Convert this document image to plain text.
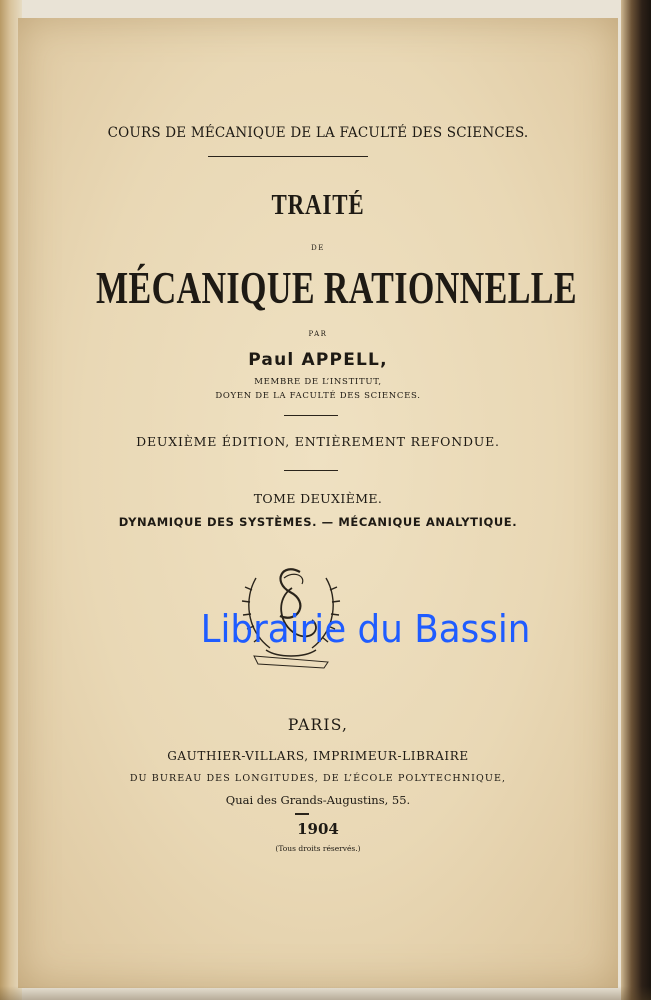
COURS DE MÉCANIQUE DE LA FACULTÉ DES SCIENCES.
TRAITÉ
DE
MÉCANIQUE RATIONNELLE
PAR
Paul APPELL,
MEMBRE DE L’INSTITUT,
DOYEN DE LA FACULTÉ DES SCIENCES.
DEUXIÈME ÉDITION, ENTIÈREMENT REFONDUE.
TOME DEUXIÈME.
DYNAMIQUE DES SYSTÈMES. — MÉCANIQUE ANALYTIQUE.
PARIS,
GAUTHIER-VILLARS, IMPRIMEUR-LIBRAIRE
DU BUREAU DES LONGITUDES, DE L’ÉCOLE POLYTECHNIQUE,
Quai des Grands-Augustins, 55.
1904
(Tous droits réservés.)
Librairie du Bassin
